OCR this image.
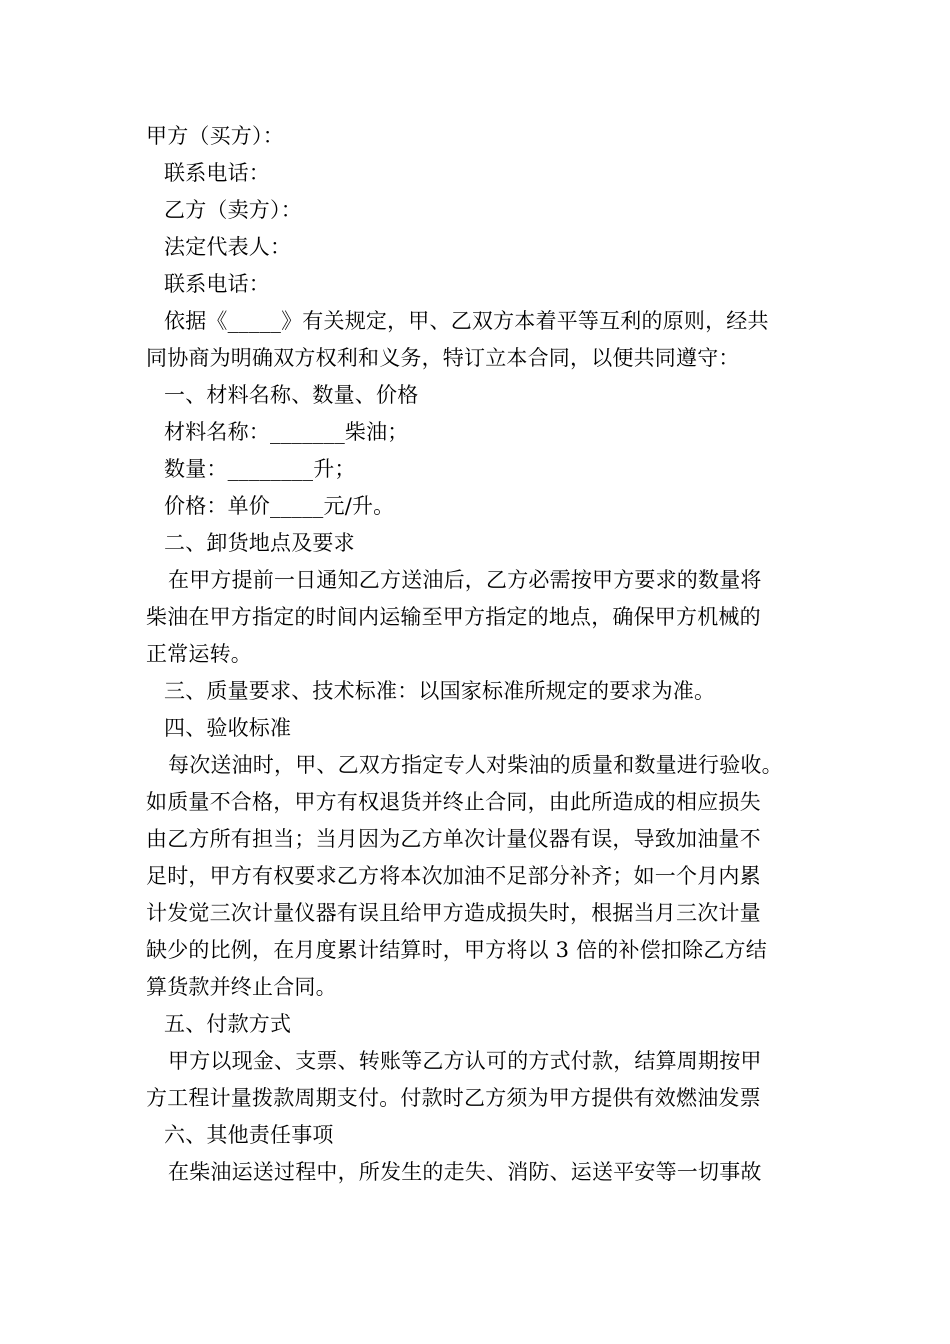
甲方（买方）：
联系电话：
乙方（卖方）：
法定代表人：
联系电话：
依据《_____》有关规定，甲、乙双方本着平等互利的原则，经共
同协商为明确双方权利和义务，特订立本合同，以便共同遵守：
一、材料名称、数量、价格
材料名称：_______柴油；
数量：________升；
价格：单价_____元/升。
二、卸货地点及要求
在甲方提前一日通知乙方送油后，乙方必需按甲方要求的数量将
柴油在甲方指定的时间内运输至甲方指定的地点，确保甲方机械的
正常运转。
三、质量要求、技术标准：以国家标准所规定的要求为准。
四、验收标准
每次送油时，甲、乙双方指定专人对柴油的质量和数量进行验收。
如质量不合格，甲方有权退货并终止合同，由此所造成的相应损失
由乙方所有担当；当月因为乙方单次计量仪器有误，导致加油量不
足时，甲方有权要求乙方将本次加油不足部分补齐；如一个月内累
计发觉三次计量仪器有误且给甲方造成损失时，根据当月三次计量
缺少的比例，在月度累计结算时，甲方将以 3 倍的补偿扣除乙方结
算货款并终止合同。
五、付款方式
甲方以现金、支票、转账等乙方认可的方式付款，结算周期按甲
方工程计量拨款周期支付。付款时乙方须为甲方提供有效燃油发票
六、其他责任事项
在柴油运送过程中，所发生的走失、消防、运送平安等一切事故
